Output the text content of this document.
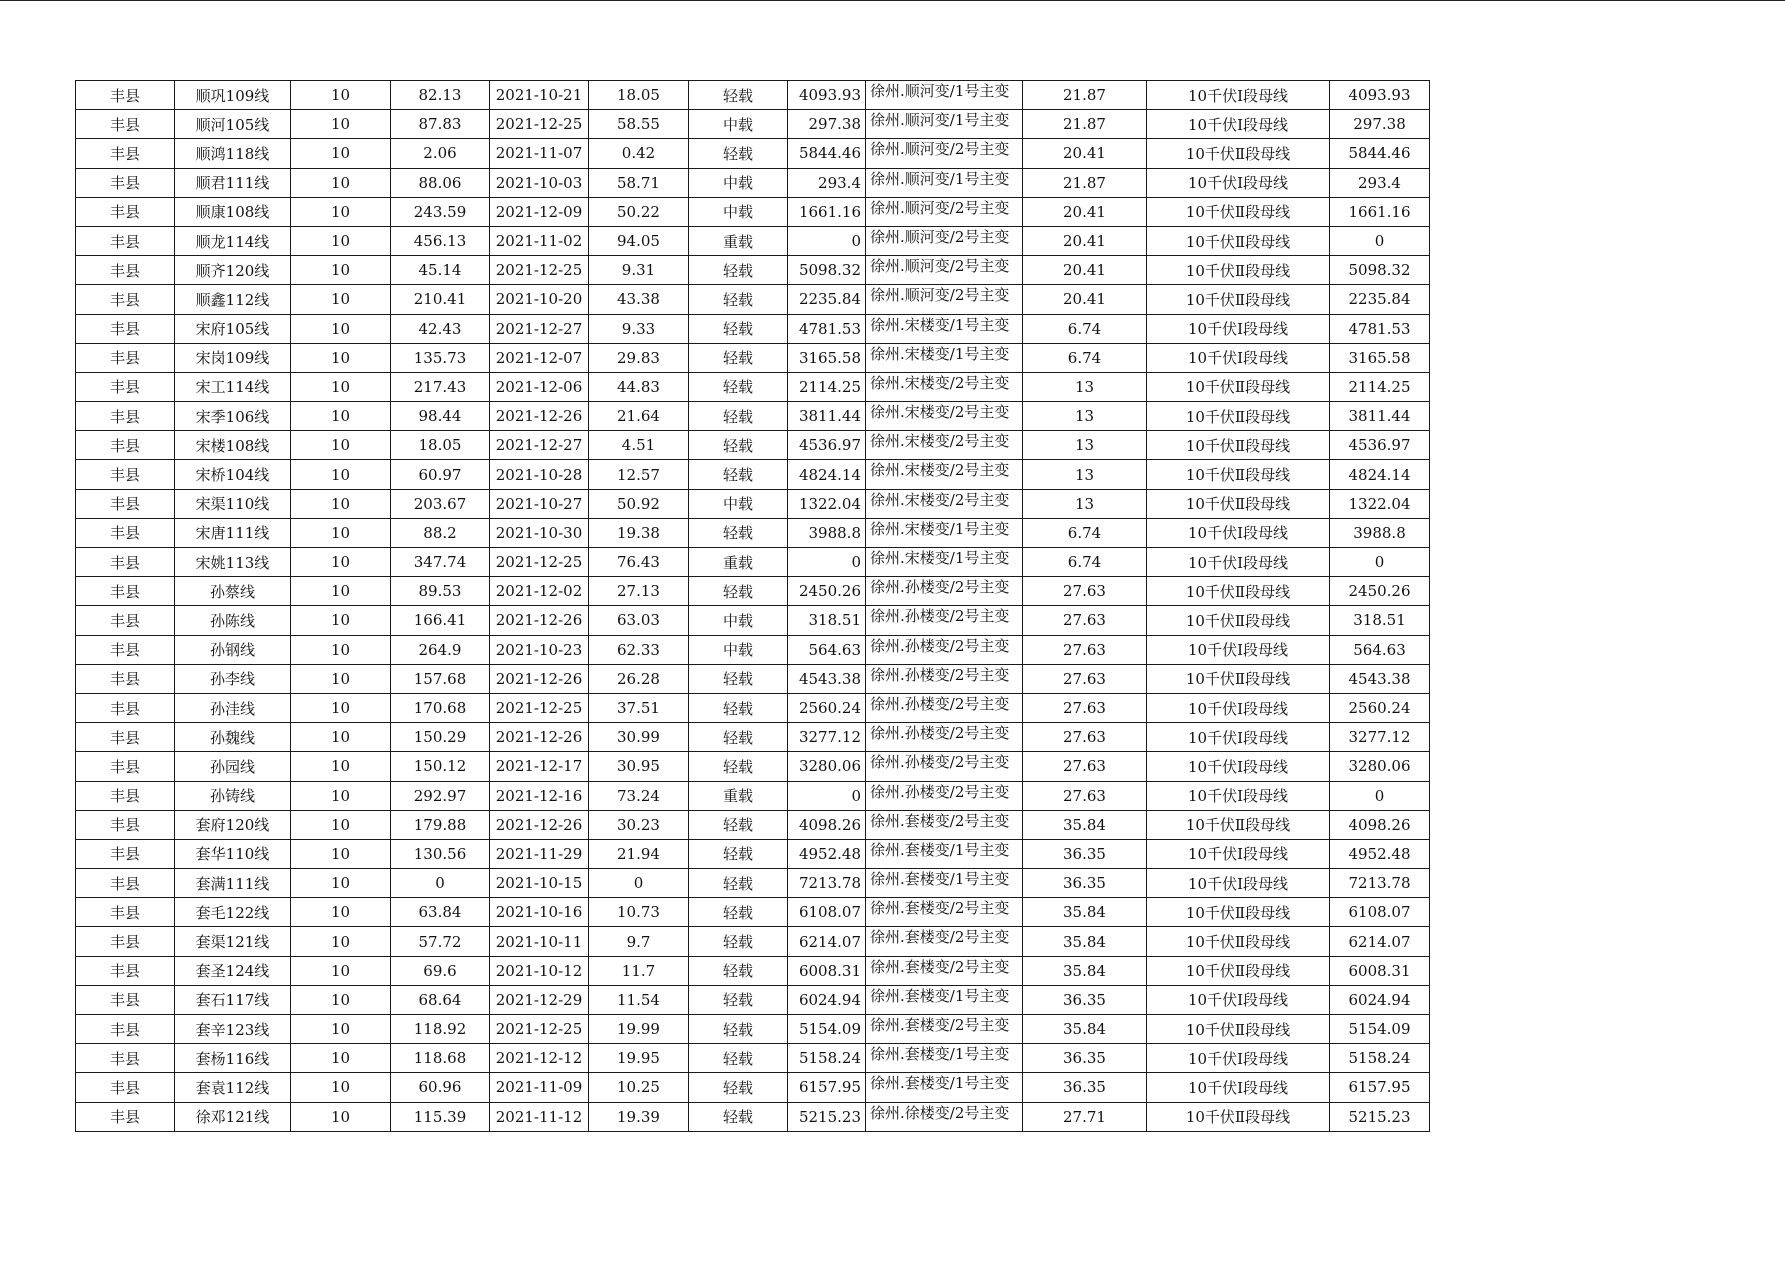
丰县	顺巩109线	10	82.13	2021-10-21	18.05	轻载	4093.93	徐州.顺河变/1号主变	21.87	10千伏Ⅰ段母线	4093.93
丰县	顺河105线	10	87.83	2021-12-25	58.55	中载	297.38	徐州.顺河变/1号主变	21.87	10千伏Ⅰ段母线	297.38
丰县	顺鸿118线	10	2.06	2021-11-07	0.42	轻载	5844.46	徐州.顺河变/2号主变	20.41	10千伏Ⅱ段母线	5844.46
丰县	顺君111线	10	88.06	2021-10-03	58.71	中载	293.4	徐州.顺河变/1号主变	21.87	10千伏Ⅰ段母线	293.4
丰县	顺康108线	10	243.59	2021-12-09	50.22	中载	1661.16	徐州.顺河变/2号主变	20.41	10千伏Ⅱ段母线	1661.16
丰县	顺龙114线	10	456.13	2021-11-02	94.05	重载	0	徐州.顺河变/2号主变	20.41	10千伏Ⅱ段母线	0
丰县	顺齐120线	10	45.14	2021-12-25	9.31	轻载	5098.32	徐州.顺河变/2号主变	20.41	10千伏Ⅱ段母线	5098.32
丰县	顺鑫112线	10	210.41	2021-10-20	43.38	轻载	2235.84	徐州.顺河变/2号主变	20.41	10千伏Ⅱ段母线	2235.84
丰县	宋府105线	10	42.43	2021-12-27	9.33	轻载	4781.53	徐州.宋楼变/1号主变	6.74	10千伏Ⅰ段母线	4781.53
丰县	宋岗109线	10	135.73	2021-12-07	29.83	轻载	3165.58	徐州.宋楼变/1号主变	6.74	10千伏Ⅰ段母线	3165.58
丰县	宋工114线	10	217.43	2021-12-06	44.83	轻载	2114.25	徐州.宋楼变/2号主变	13	10千伏Ⅱ段母线	2114.25
丰县	宋季106线	10	98.44	2021-12-26	21.64	轻载	3811.44	徐州.宋楼变/2号主变	13	10千伏Ⅱ段母线	3811.44
丰县	宋楼108线	10	18.05	2021-12-27	4.51	轻载	4536.97	徐州.宋楼变/2号主变	13	10千伏Ⅱ段母线	4536.97
丰县	宋桥104线	10	60.97	2021-10-28	12.57	轻载	4824.14	徐州.宋楼变/2号主变	13	10千伏Ⅱ段母线	4824.14
丰县	宋渠110线	10	203.67	2021-10-27	50.92	中载	1322.04	徐州.宋楼变/2号主变	13	10千伏Ⅱ段母线	1322.04
丰县	宋唐111线	10	88.2	2021-10-30	19.38	轻载	3988.8	徐州.宋楼变/1号主变	6.74	10千伏Ⅰ段母线	3988.8
丰县	宋姚113线	10	347.74	2021-12-25	76.43	重载	0	徐州.宋楼变/1号主变	6.74	10千伏Ⅰ段母线	0
丰县	孙蔡线	10	89.53	2021-12-02	27.13	轻载	2450.26	徐州.孙楼变/2号主变	27.63	10千伏Ⅱ段母线	2450.26
丰县	孙陈线	10	166.41	2021-12-26	63.03	中载	318.51	徐州.孙楼变/2号主变	27.63	10千伏Ⅱ段母线	318.51
丰县	孙钢线	10	264.9	2021-10-23	62.33	中载	564.63	徐州.孙楼变/2号主变	27.63	10千伏Ⅰ段母线	564.63
丰县	孙李线	10	157.68	2021-12-26	26.28	轻载	4543.38	徐州.孙楼变/2号主变	27.63	10千伏Ⅱ段母线	4543.38
丰县	孙洼线	10	170.68	2021-12-25	37.51	轻载	2560.24	徐州.孙楼变/2号主变	27.63	10千伏Ⅰ段母线	2560.24
丰县	孙魏线	10	150.29	2021-12-26	30.99	轻载	3277.12	徐州.孙楼变/2号主变	27.63	10千伏Ⅰ段母线	3277.12
丰县	孙园线	10	150.12	2021-12-17	30.95	轻载	3280.06	徐州.孙楼变/2号主变	27.63	10千伏Ⅰ段母线	3280.06
丰县	孙铸线	10	292.97	2021-12-16	73.24	重载	0	徐州.孙楼变/2号主变	27.63	10千伏Ⅰ段母线	0
丰县	套府120线	10	179.88	2021-12-26	30.23	轻载	4098.26	徐州.套楼变/2号主变	35.84	10千伏Ⅱ段母线	4098.26
丰县	套华110线	10	130.56	2021-11-29	21.94	轻载	4952.48	徐州.套楼变/1号主变	36.35	10千伏Ⅰ段母线	4952.48
丰县	套满111线	10	0	2021-10-15	0	轻载	7213.78	徐州.套楼变/1号主变	36.35	10千伏Ⅰ段母线	7213.78
丰县	套毛122线	10	63.84	2021-10-16	10.73	轻载	6108.07	徐州.套楼变/2号主变	35.84	10千伏Ⅱ段母线	6108.07
丰县	套渠121线	10	57.72	2021-10-11	9.7	轻载	6214.07	徐州.套楼变/2号主变	35.84	10千伏Ⅱ段母线	6214.07
丰县	套圣124线	10	69.6	2021-10-12	11.7	轻载	6008.31	徐州.套楼变/2号主变	35.84	10千伏Ⅱ段母线	6008.31
丰县	套石117线	10	68.64	2021-12-29	11.54	轻载	6024.94	徐州.套楼变/1号主变	36.35	10千伏Ⅰ段母线	6024.94
丰县	套辛123线	10	118.92	2021-12-25	19.99	轻载	5154.09	徐州.套楼变/2号主变	35.84	10千伏Ⅱ段母线	5154.09
丰县	套杨116线	10	118.68	2021-12-12	19.95	轻载	5158.24	徐州.套楼变/1号主变	36.35	10千伏Ⅰ段母线	5158.24
丰县	套袁112线	10	60.96	2021-11-09	10.25	轻载	6157.95	徐州.套楼变/1号主变	36.35	10千伏Ⅰ段母线	6157.95
丰县	徐邓121线	10	115.39	2021-11-12	19.39	轻载	5215.23	徐州.徐楼变/2号主变	27.71	10千伏Ⅱ段母线	5215.23
